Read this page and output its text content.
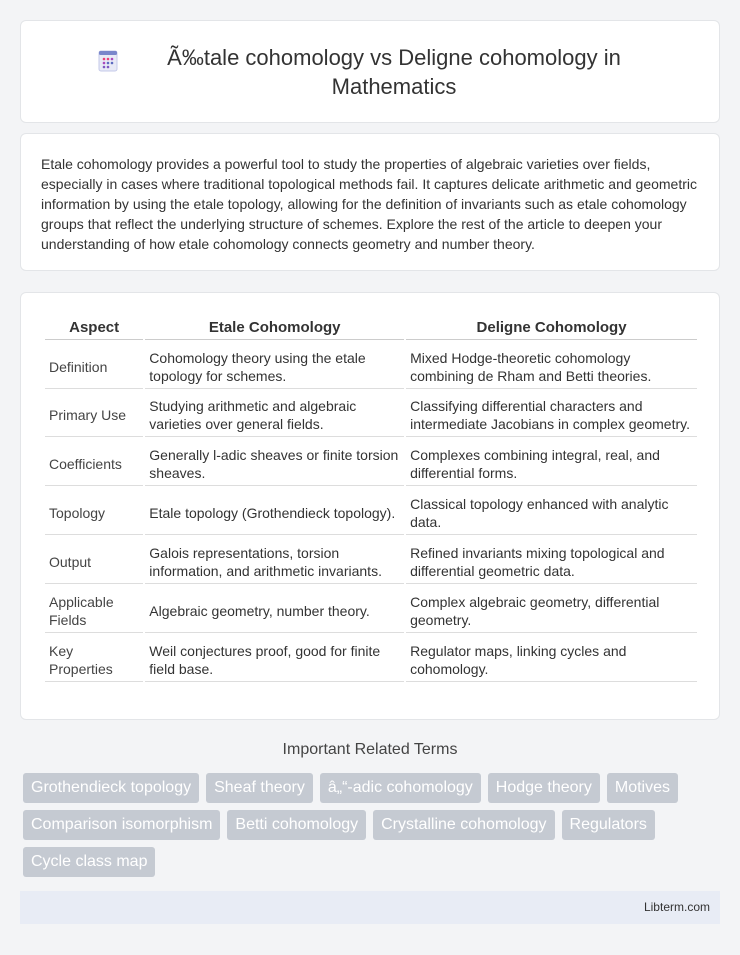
Ã‰tale cohomology vs Deligne cohomology in Mathematics

Etale cohomology provides a powerful tool to study the properties of algebraic varieties over fields, especially in cases where traditional topological methods fail. It captures delicate arithmetic and geometric information by using the etale topology, allowing for the definition of invariants such as etale cohomology groups that reflect the underlying structure of schemes. Explore the rest of the article to deepen your understanding of how etale cohomology connects geometry and number theory.

Aspect	Etale Cohomology	Deligne Cohomology
Definition	Cohomology theory using the etale topology for schemes.	Mixed Hodge-theoretic cohomology combining de Rham and Betti theories.
Primary Use	Studying arithmetic and algebraic varieties over general fields.	Classifying differential characters and intermediate Jacobians in complex geometry.
Coefficients	Generally l-adic sheaves or finite torsion sheaves.	Complexes combining integral, real, and differential forms.
Topology	Etale topology (Grothendieck topology).	Classical topology enhanced with analytic data.
Output	Galois representations, torsion information, and arithmetic invariants.	Refined invariants mixing topological and differential geometric data.
Applicable Fields	Algebraic geometry, number theory.	Complex algebraic geometry, differential geometry.
Key Properties	Weil conjectures proof, good for finite field base.	Regulator maps, linking cycles and cohomology.
Important Related Terms
Grothendieck topology	Sheaf theory	â„“-adic cohomology	Hodge theory	Motives
Comparison isomorphism	Betti cohomology	Crystalline cohomology	Regulators
Cycle class map
Libterm.com
